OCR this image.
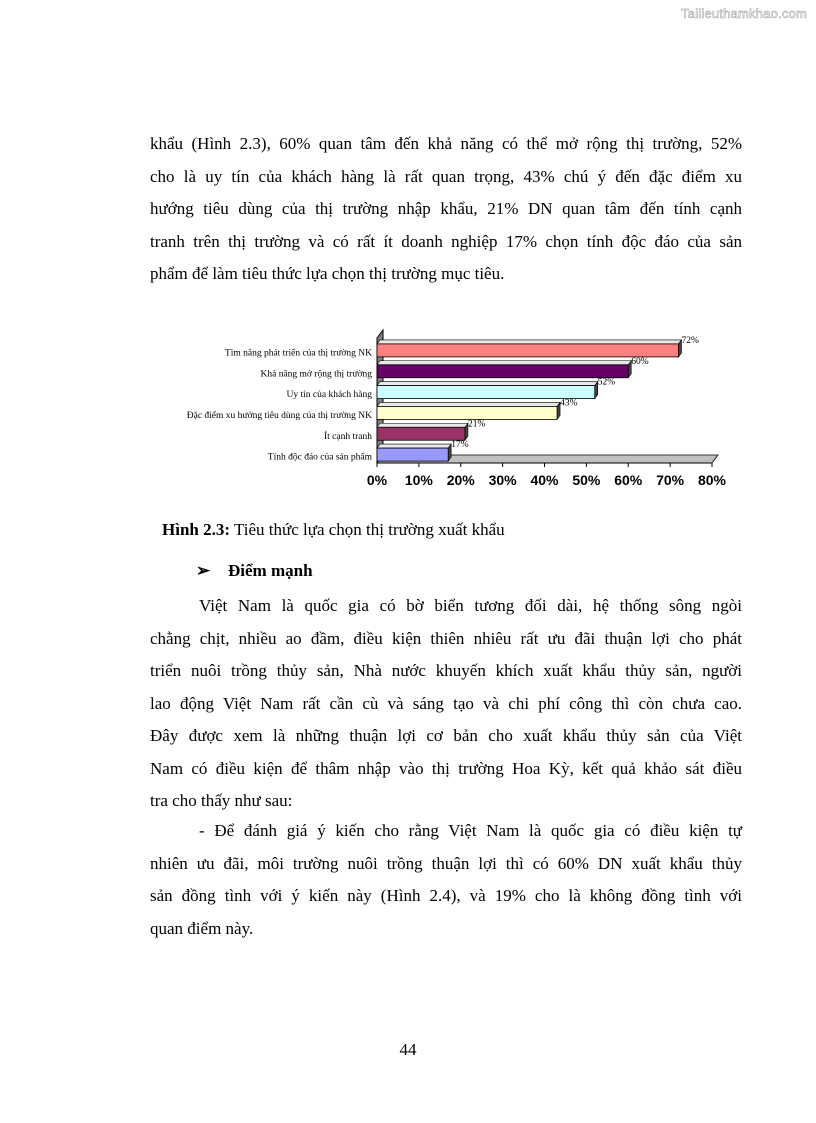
Tailieuthamkhao.com
khẩu (Hình 2.3), 60% quan tâm đến khả năng có thể mở rộng thị trường, 52%
cho là uy tín của khách hàng là rất quan trọng, 43% chú ý đến đặc điểm xu
hướng tiêu dùng của thị trường nhập khẩu, 21% DN quan tâm đến tính cạnh
tranh trên thị trường và có rất ít doanh nghiệp 17% chọn tính độc đáo của sản
phẩm để làm tiêu thức lựa chọn thị trường mục tiêu.
0% 10% 20% 30% 40% 50% 60% 70% 80%
Tìm năng phát triển của thị trường NK
72%
Khả năng mở rộng thị trường
60%
Uy tín của khách hàng
52%
Đặc điểm xu hướng tiêu dùng của thị trường NK
43%
Ít cạnh tranh
21%
Tính độc đáo của sản phẩm
17%

Hình 2.3: Tiêu thức lựa chọn thị trường xuất khẩu

➢ Điểm mạnh

Việt Nam là quốc gia có bờ biển tương đối dài, hệ thống sông ngòi
chằng chịt, nhiều ao đầm, điều kiện thiên nhiêu rất ưu đãi thuận lợi cho phát
triển nuôi trồng thủy sản, Nhà nước khuyến khích xuất khẩu thủy sản, người
lao động Việt Nam rất cần cù và sáng tạo và chi phí công thì còn chưa cao.
Đây được xem là những thuận lợi cơ bản cho xuất khẩu thủy sản của Việt
Nam có điều kiện để thâm nhập vào thị trường Hoa Kỳ, kết quả khảo sát điều
tra cho thấy như sau:
- Để đánh giá ý kiến cho rằng Việt Nam là quốc gia có điều kiện tự
nhiên ưu đãi, môi trường nuôi trồng thuận lợi thì có 60% DN xuất khẩu thủy
sản đồng tình với ý kiến này (Hình 2.4), và 19% cho là không đồng tình với
quan điểm này.
44
